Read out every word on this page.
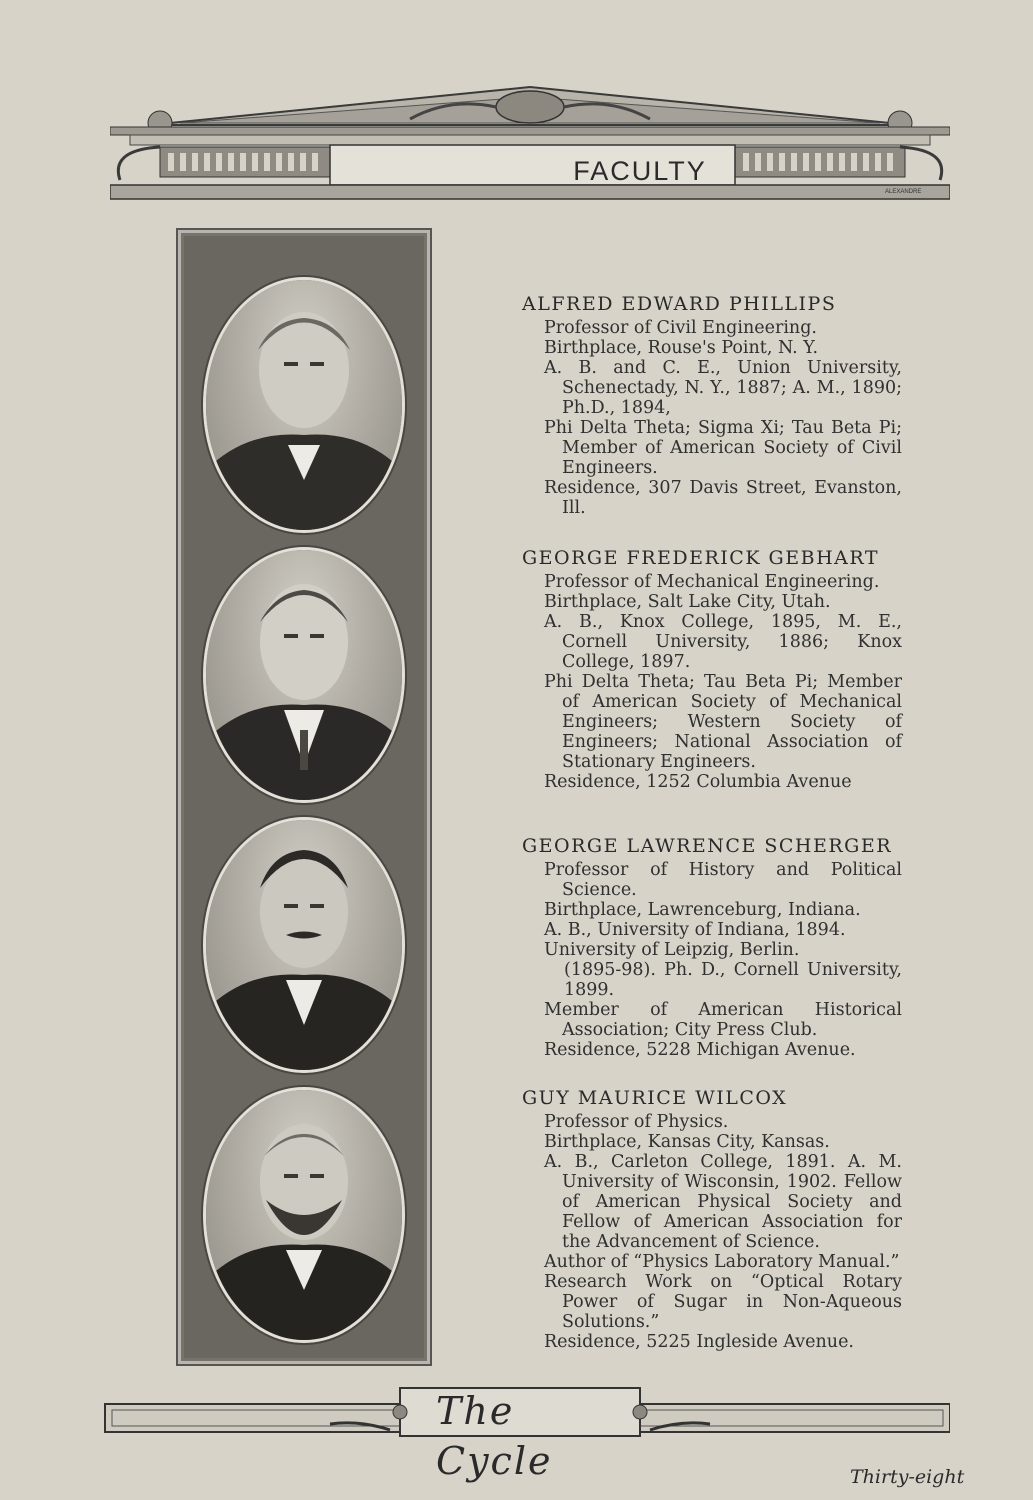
FACULTY
ALEXANDRE
ALFRED EDWARD PHILLIPS

Professor of Civil Engineering.

Birthplace, Rouse's Point, N. Y.

A. B. and C. E., Union University, Schenectady, N. Y., 1887; A. M., 1890; Ph.D., 1894,

Phi Delta Theta; Sigma Xi; Tau Beta Pi; Member of American Society of Civil Engineers.

Residence, 307 Davis Street, Evanston, Ill.

GEORGE FREDERICK GEBHART

Professor of Mechanical Engineering.

Birthplace, Salt Lake City, Utah.

A. B., Knox College, 1895, M. E., Cornell University, 1886; Knox College, 1897.

Phi Delta Theta; Tau Beta Pi; Member of American Society of Mechanical Engineers; Western Society of Engineers; National Association of Stationary Engineers.

Residence, 1252 Columbia Avenue

GEORGE LAWRENCE SCHERGER

Professor of History and Political Science.

Birthplace, Lawrenceburg, Indiana.

A. B., University of Indiana, 1894.

University of Leipzig, Berlin.

(1895-98). Ph. D., Cornell University, 1899.

Member of American Historical Association; City Press Club.

Residence, 5228 Michigan Avenue.

GUY MAURICE WILCOX

Professor of Physics.

Birthplace, Kansas City, Kansas.

A. B., Carleton College, 1891. A. M. University of Wisconsin, 1902. Fellow of American Physical Society and Fellow of American Association for the Advancement of Science.

Author of “Physics Laboratory Manual.”

Research Work on “Optical Rotary Power of Sugar in Non-Aqueous Solutions.”

Residence, 5225 Ingleside Avenue.

The Cycle	Thirty-eight
